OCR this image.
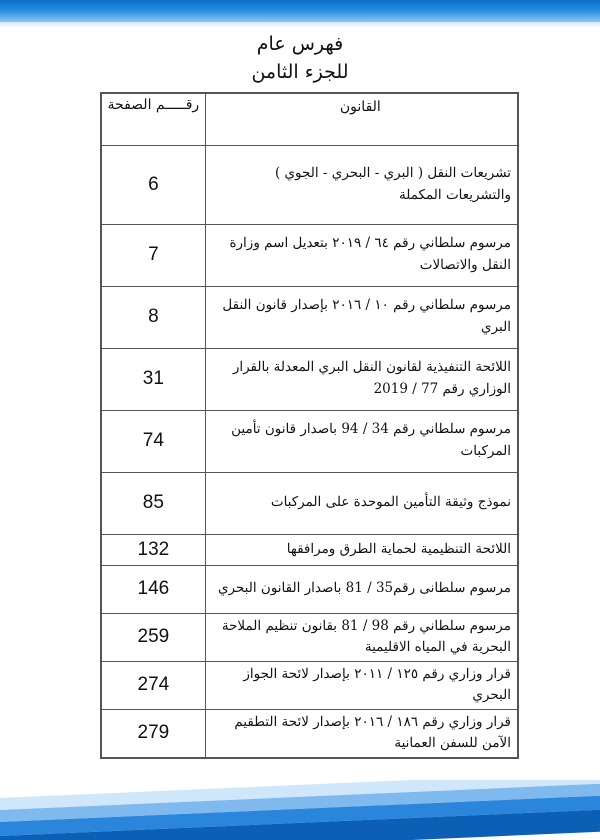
فهرس عام
للجزء الثامن
القانون	رقـــــم الصفحة
تشريعات النقل ( البري - البحري - الجوي ) والتشريعات المكملة	6
مرسوم سلطاني رقم ٦٤ / ٢٠١٩ بتعديل اسم وزارة النقل والاتصالات	7
مرسوم سلطاني رقم ١٠ / ٢٠١٦ بإصدار قانون النقل البري	8
اللائحة التنفيذية لقانون النقل البري المعدلة بالقرار الوزاري رقم 77 / 2019	31
مرسوم سلطاني رقم 34 / 94 باصدار قانون تأمين المركبات	74
نموذج وثيقة التأمين الموحدة على المركبات	85
اللائحة التنظيمية لحماية الطرق ومرافقها	132
مرسوم سلطانى رقم35 / 81 باصدار القانون البحري	146
مرسوم سلطاني رقم 98 / 81 بقانون تنظيم الملاحة البحرية في المياه الاقليمية	259
قرار وزاري رقم ١٢٥ / ٢٠١١ بإصدار لائحة الجواز البحري	274
قرار وزاري رقم ١٨٦ / ٢٠١٦ بإصدار لائحة التطقيم الآمن للسفن العمانية	279
